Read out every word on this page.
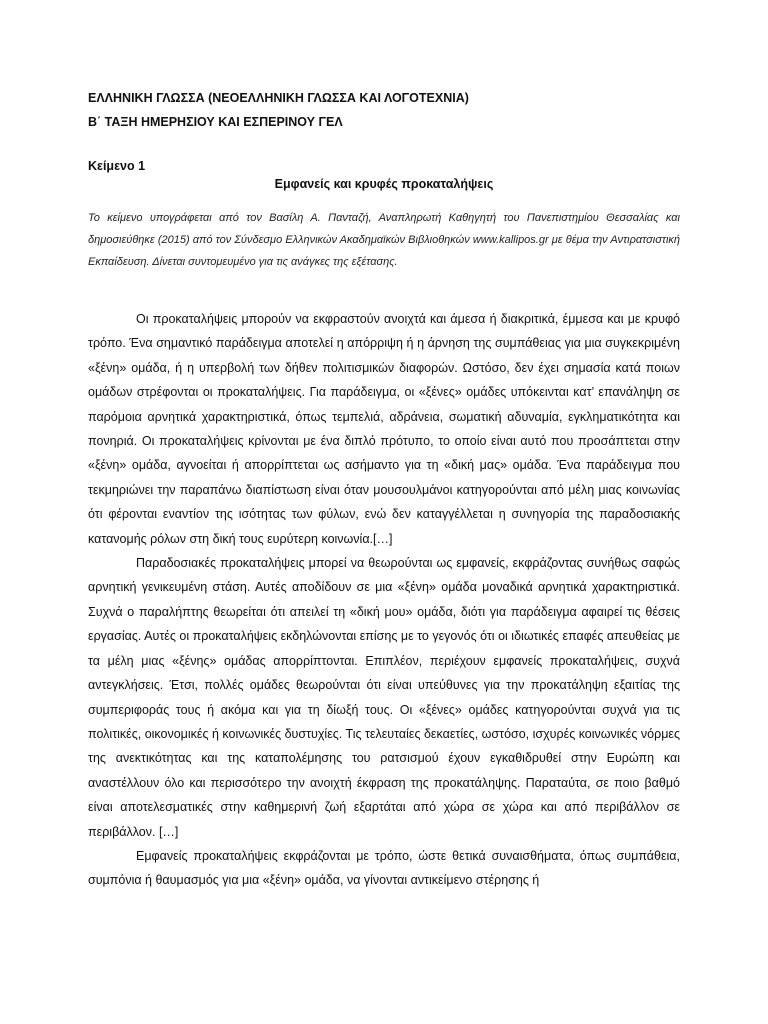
ΕΛΛΗΝΙΚΗ ΓΛΩΣΣΑ (ΝΕΟΕΛΛΗΝΙΚΗ ΓΛΩΣΣΑ ΚΑΙ ΛΟΓΟΤΕΧΝΙΑ)
Β΄ ΤΑΞΗ ΗΜΕΡΗΣΙΟΥ ΚΑΙ ΕΣΠΕΡΙΝΟΥ ΓΕΛ
Κείμενο 1
Εμφανείς και κρυφές προκαταλήψεις
Το κείμενο υπογράφεται από τον Βασίλη Α. Πανταζή, Αναπληρωτή Καθηγητή του Πανεπιστημίου Θεσσαλίας και δημοσιεύθηκε (2015) από τον Σύνδεσμο Ελληνικών Ακαδημαϊκών Βιβλιοθηκών www.kallipos.gr με θέμα την Αντιρατσιστική Εκπαίδευση. Δίνεται συντομευμένο για τις ανάγκες της εξέτασης.

Οι προκαταλήψεις μπορούν να εκφραστούν ανοιχτά και άμεσα ή διακριτικά, έμμεσα και με κρυφό τρόπο. Ένα σημαντικό παράδειγμα αποτελεί η απόρριψη ή η άρνηση της συμπάθειας για μια συγκεκριμένη «ξένη» ομάδα, ή η υπερβολή των δήθεν πολιτισμικών διαφορών. Ωστόσο, δεν έχει σημασία κατά ποιων ομάδων στρέφονται οι προκαταλήψεις. Για παράδειγμα, οι «ξένες» ομάδες υπόκεινται κατ’ επανάληψη σε παρόμοια αρνητικά χαρακτηριστικά, όπως τεμπελιά, αδράνεια, σωματική αδυναμία, εγκληματικότητα και πονηριά. Οι προκαταλήψεις κρίνονται με ένα διπλό πρότυπο, το οποίο είναι αυτό που προσάπτεται στην «ξένη» ομάδα, αγνοείται ή απορρίπτεται ως ασήμαντο για τη «δική μας» ομάδα. Ένα παράδειγμα που τεκμηριώνει την παραπάνω διαπίστωση είναι όταν μουσουλμάνοι κατηγορούνται από μέλη μιας κοινωνίας ότι φέρονται εναντίον της ισότητας των φύλων, ενώ δεν καταγγέλλεται η συνηγορία της παραδοσιακής κατανομής ρόλων στη δική τους ευρύτερη κοινωνία.[…]

Παραδοσιακές προκαταλήψεις μπορεί να θεωρούνται ως εμφανείς, εκφράζοντας συνήθως σαφώς αρνητική γενικευμένη στάση. Αυτές αποδίδουν σε μια «ξένη» ομάδα μοναδικά αρνητικά χαρακτηριστικά. Συχνά ο παραλήπτης θεωρείται ότι απειλεί τη «δική μου» ομάδα, διότι για παράδειγμα αφαιρεί τις θέσεις εργασίας. Αυτές οι προκαταλήψεις εκδηλώνονται επίσης με το γεγονός ότι οι ιδιωτικές επαφές απευθείας με τα μέλη μιας «ξένης» ομάδας απορρίπτονται. Επιπλέον, περιέχουν εμφανείς προκαταλήψεις, συχνά αντεγκλήσεις. Έτσι, πολλές ομάδες θεωρούνται ότι είναι υπεύθυνες για την προκατάληψη εξαιτίας της συμπεριφοράς τους ή ακόμα και για τη δίωξή τους. Οι «ξένες» ομάδες κατηγορούνται συχνά για τις πολιτικές, οικονομικές ή κοινωνικές δυστυχίες. Τις τελευταίες δεκαετίες, ωστόσο, ισχυρές κοινωνικές νόρμες της ανεκτικότητας και της καταπολέμησης του ρατσισμού έχουν εγκαθιδρυθεί στην Ευρώπη και αναστέλλουν όλο και περισσότερο την ανοιχτή έκφραση της προκατάληψης. Παραταύτα, σε ποιο βαθμό είναι αποτελεσματικές στην καθημερινή ζωή εξαρτάται από χώρα σε χώρα και από περιβάλλον σε περιβάλλον. […]

Εμφανείς προκαταλήψεις εκφράζονται με τρόπο, ώστε θετικά συναισθήματα, όπως συμπάθεια, συμπόνια ή θαυμασμός για μια «ξένη» ομάδα, να γίνονται αντικείμενο στέρησης ή
